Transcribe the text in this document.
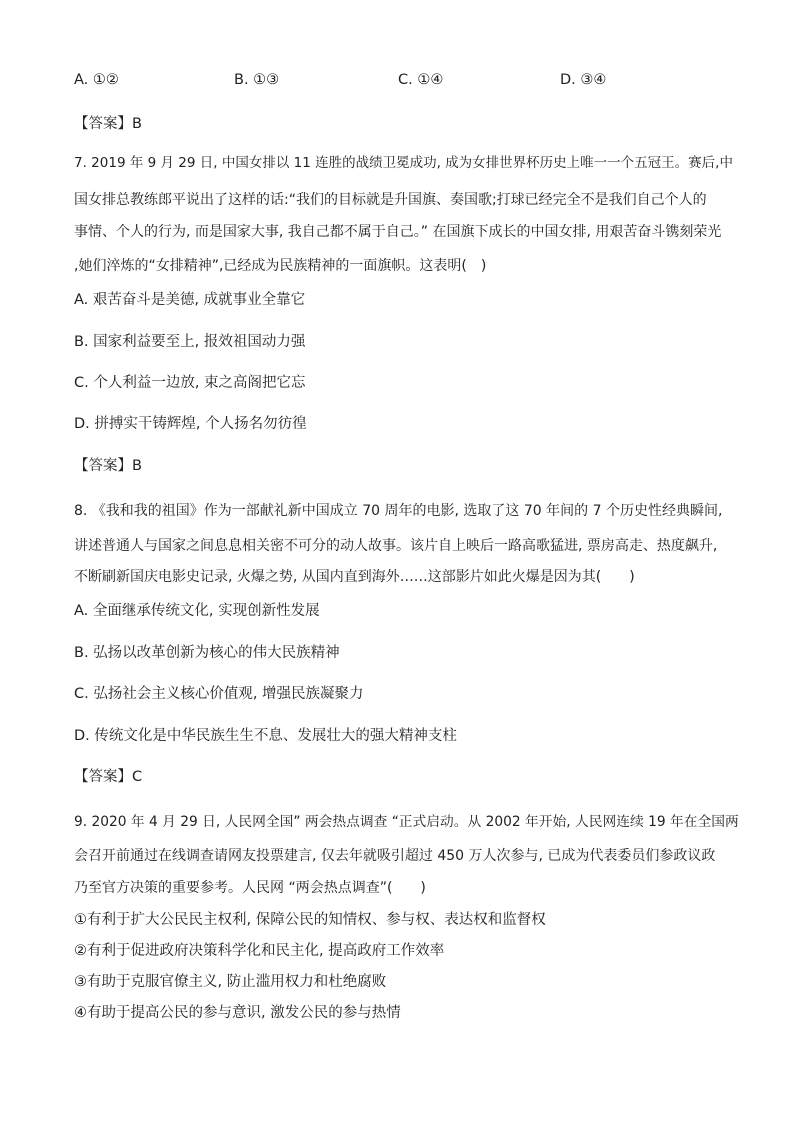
A. ①②	B. ①③	C. ①④	D. ③④
【答案】B
7. 2019 年 9 月 29 日, 中国女排以 11 连胜的战绩卫冕成功, 成为女排世界杯历史上唯一一个五冠王。赛后,中
国女排总教练郎平说出了这样的话:“我们的目标就是升国旗、奏国歌;打球已经完全不是我们自己个人的
事情、个人的行为, 而是国家大事, 我自己都不属于自己。” 在国旗下成长的中国女排, 用艰苦奋斗镌刻荣光
,她们淬炼的“女排精神”,已经成为民族精神的一面旗帜。这表明(　)
A. 艰苦奋斗是美德, 成就事业全靠它
B. 国家利益要至上, 报效祖国动力强
C. 个人利益一边放, 束之高阁把它忘
D. 拼搏实干铸辉煌, 个人扬名勿彷徨
【答案】B
8. 《我和我的祖国》作为一部献礼新中国成立 70 周年的电影, 选取了这 70 年间的 7 个历史性经典瞬间,
讲述普通人与国家之间息息相关密不可分的动人故事。该片自上映后一路高歌猛进, 票房高走、热度飙升,
不断刷新国庆电影史记录, 火爆之势, 从国内直到海外……这部影片如此火爆是因为其(　　)
A. 全面继承传统文化, 实现创新性发展
B. 弘扬以改革创新为核心的伟大民族精神
C. 弘扬社会主义核心价值观, 增强民族凝聚力
D. 传统文化是中华民族生生不息、发展壮大的强大精神支柱
【答案】C
9. 2020 年 4 月 29 日, 人民网全国” 两会热点调查 “正式启动。从 2002 年开始, 人民网连续 19 年在全国两
会召开前通过在线调查请网友投票建言, 仅去年就吸引超过 450 万人次参与, 已成为代表委员们参政议政
乃至官方决策的重要参考。人民网 “两会热点调查”(　　)
①有利于扩大公民民主权利, 保障公民的知情权、参与权、表达权和监督权
②有利于促进政府决策科学化和民主化, 提高政府工作效率
③有助于克服官僚主义, 防止滥用权力和杜绝腐败
④有助于提高公民的参与意识, 激发公民的参与热情
